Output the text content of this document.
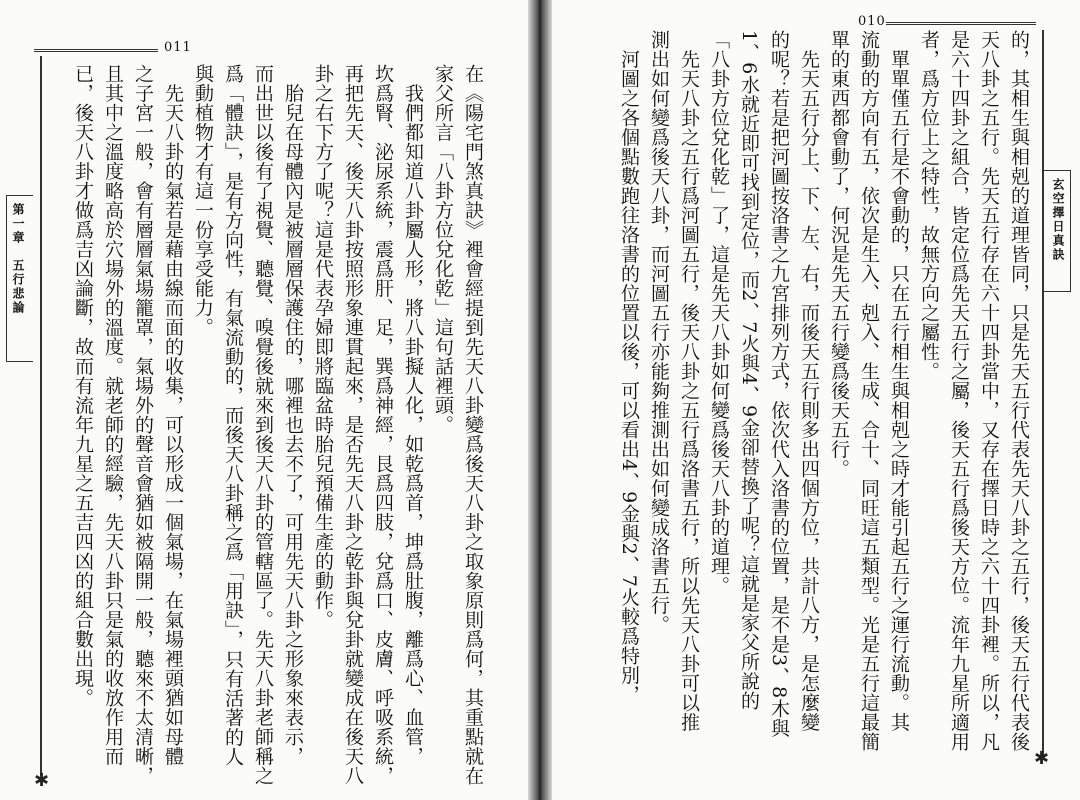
011
第一章　五行悲論	在《陽宅門煞真訣》裡會經提到先天八卦變爲後天八卦之取象原則爲何，其重點就在
家父所言「八卦方位兌化乾」這句話裡頭。
　我們都知道八卦屬人形，將八卦擬人化，如乾爲首，坤爲肚腹，離爲心、血管，
坎爲腎、泌尿系統，震爲肝、足，巽爲神經，艮爲四肢，兌爲口、皮膚、呼吸系統，
再把先天、後天八卦按照形象連貫起來，是否先天八卦之乾卦與兌卦就變成在後天八
卦之右下方了呢？這是代表孕婦即將臨盆時胎兒預備生產的動作。
　胎兒在母體內是被層層保護住的，哪裡也去不了，可用先天八卦之形象來表示，
而出世以後有了視覺、聽覺、嗅覺後就來到後天八卦的管轄區了。先天八卦老師稱之
爲「體訣」，是有方向性，有氣流動的，而後天八卦稱之爲「用訣」，只有活著的人
與動植物才有這一份享受能力。
　先天八卦的氣若是藉由線而面的收集，可以形成一個氣場，在氣場裡頭猶如母體
之子宮一般，會有層層氣場籠罩，氣場外的聲音會猶如被隔開一般，聽來不太清晰，
且其中之溫度略高於穴場外的溫度。就老師的經驗，先天八卦只是氣的收放作用而
已，後天八卦才做爲吉凶論斷，故而有流年九星之五吉四凶的組合數出現。
✱
010
玄空擇日真訣
的，其相生與相剋的道理皆同，只是先天五行代表先天八卦之五行，後天五行代表後
天八卦之五行。先天五行存在六十四卦當中，又存在擇日時之六十四卦裡。所以，凡
是六十四卦之組合，皆定位爲先天五行之屬，後天五行爲後天方位。流年九星所適用
者，爲方位上之特性，故無方向之屬性。
　單單僅五行是不會動的，只在五行相生與相剋之時才能引起五行之運行流動。其
流動的方向有五，依次是生入、剋入、生成、合十、同旺這五類型。光是五行這最簡
單的東西都會動了，何況是先天五行變爲後天五行。
　先天五行分上、下、左、右，而後天五行則多出四個方位，共計八方，是怎麼變
的呢？若是把河圖按洛書之九宮排列方式，依次代入洛書的位置，是不是3、8木與
1、6水就近即可找到定位，而2、7火與4、9金卻替換了呢？這就是家父所說的
「八卦方位兌化乾」了，這是先天八卦如何變爲後天八卦的道理。
　先天八卦之五行爲河圖五行，後天八卦之五行爲洛書五行，所以先天八卦可以推
測出如何變爲後天八卦，而河圖五行亦能夠推測出如何變成洛書五行。
　河圖之各個點數跑往洛書的位置以後，可以看出4、9金與2、7火較爲特別，
✱
